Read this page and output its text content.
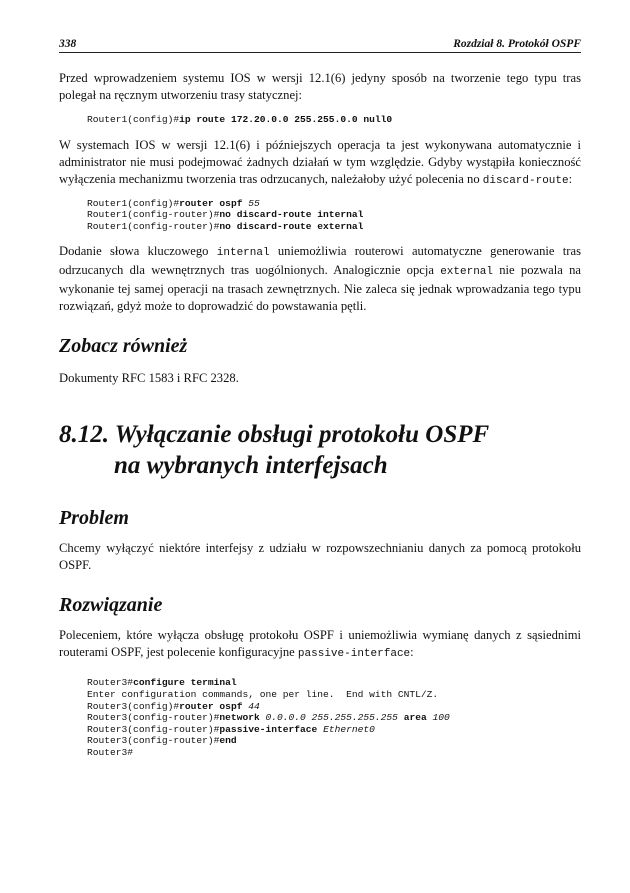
338	Rozdział 8. Protokół OSPF

Przed wprowadzeniem systemu IOS w wersji 12.1(6) jedyny sposób na tworzenie tego typu tras polegał na ręcznym utworzeniu trasy statycznej:

Router1(config)#ip route 172.20.0.0 255.255.0.0 null0

W systemach IOS w wersji 12.1(6) i późniejszych operacja ta jest wykonywana automatycznie i administrator nie musi podejmować żadnych działań w tym względzie. Gdyby wystąpiła konieczność wyłączenia mechanizmu tworzenia tras odrzucanych, należałoby użyć polecenia no discard-route:

Router1(config)#router ospf 55
Router1(config-router)#no discard-route internal
Router1(config-router)#no discard-route external

Dodanie słowa kluczowego internal uniemożliwia routerowi automatyczne generowanie tras odrzucanych dla wewnętrznych tras uogólnionych. Analogicznie opcja external nie pozwala na wykonanie tej samej operacji na trasach zewnętrznych. Nie zaleca się jednak wprowadzania tego typu rozwiązań, gdyż może to doprowadzić do powstawania pętli.

Zobacz również

Dokumenty RFC 1583 i RFC 2328.

8.12. Wyłączanie obsługi protokołu OSPF
na wybranych interfejsach
Problem

Chcemy wyłączyć niektóre interfejsy z udziału w rozpowszechnianiu danych za pomocą protokołu OSPF.

Rozwiązanie

Poleceniem, które wyłącza obsługę protokołu OSPF i uniemożliwia wymianę danych z sąsiednimi routerami OSPF, jest polecenie konfiguracyjne passive-interface:

Router3#configure terminal
Enter configuration commands, one per line.  End with CNTL/Z.
Router3(config)#router ospf 44
Router3(config-router)#network 0.0.0.0 255.255.255.255 area 100
Router3(config-router)#passive-interface Ethernet0
Router3(config-router)#end
Router3#
